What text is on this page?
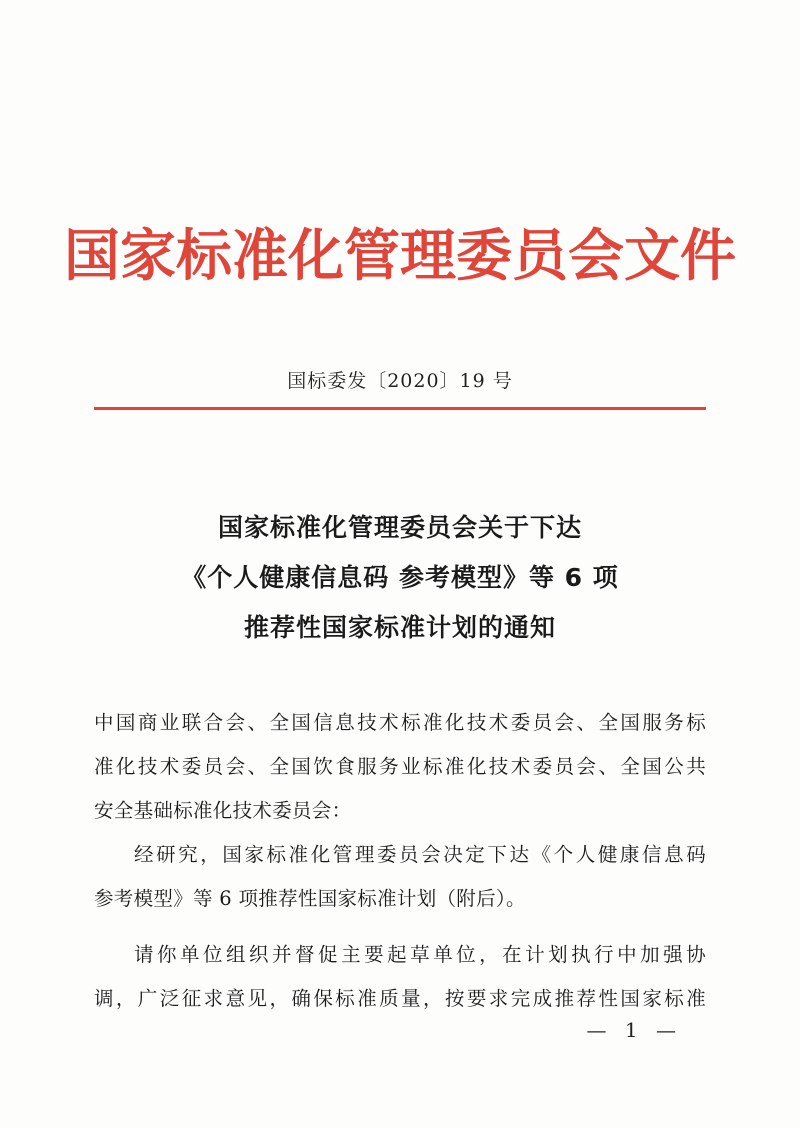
国家标准化管理委员会文件
国标委发〔2020〕19 号
国家标准化管理委员会关于下达
《个人健康信息码 参考模型》等 6 项
推荐性国家标准计划的通知
中国商业联合会、全国信息技术标准化技术委员会、全国服务标
准化技术委员会、全国饮食服务业标准化技术委员会、全国公共
安全基础标准化技术委员会：
经研究，国家标准化管理委员会决定下达《个人健康信息码
参考模型》等 6 项推荐性国家标准计划（附后）。
请你单位组织并督促主要起草单位，在计划执行中加强协
调，广泛征求意见，确保标准质量，按要求完成推荐性国家标准
— 1 —
